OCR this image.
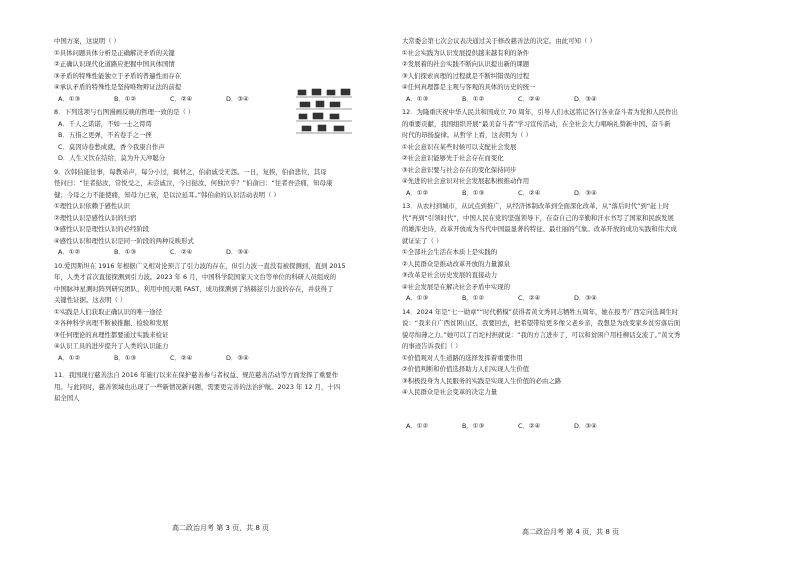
中国方案，这说明（ ）
①具体问题具体分析是正确解决矛盾的关键
②正确认识现代化道路应把握中国具体国情
③矛盾的特殊性能独立于矛盾的普遍性而存在
④承认矛盾的特殊性是坚持唯物辩证法的前提
A．①③	B．①②	C．②④	D．③④
8．下列选项与右图漫画反映的哲理一致的是（ ）
A．千人之诺诺，不如一士之谔谔
B．五指之更弹，不若卷手之一挃
C．莫因诗卷愁成就，香今我康自作声
D．人生又饮在结给，莫为升天冲聪分
9．次韩伯能往事，每教弟声，每分小过，辄材之，伯俞戚受无怨。一日，复挨，伯俞悲位，其母
怪问曰：“往者挞汝，常悦受之，未尝戚泣，今日挞汝，何独泣乎？”伯俞曰：“往者吾尝痛，知母康
健；今母之力不能使痛，知母力已衰，是以泣延耳。”韩伯俞的认识活动表明（ ）
①理性认识依赖于感性认识
②理性认识是感性认识的归宿
③感性认识是理性认识的必经阶段
④感性认识和理性认识是同一阶段的两种反映形式
A．①②	B．①③	C．②④	D．③④
10.爱因斯坦在 1916 年根据广义相对论预言了引力波的存在，但引力波一直没有被探测到，直到 2015
年，人类才首次直接探测到引力波。2023 年 6 月，中国科学院国家天文台等单位的科研人员组成的
中国脉冲星测时阵列研究团队，利用中国天眼 FAST，成功探测到了纳赫兹引力波的存在，并获得了
关键性证据。这表明（ ）
①实践是人们获取正确认识的唯一途径
②各种科学真理不断被推翻、检验和发展
③任何理论的真理性都要通过实践来检证
④认识工具的进步提升了人类的认识能力
A．①②	B．①③	C．②④	D．③④
11．我国现行慈善法自 2016 年施行以来在保护慈善参与者权益、规范慈善活动等方面发挥了重要作
用。与此同时，慈善领域也出现了一些新情况新问题，需要更完善的法治护航。2023 年 12 月，十四
届全国人
大常委会第七次会议表决通过关于修改慈善法的决定。由此可知（ ）
①社会实践为认识发展提供越来越有利的条件
②发展着的社会实践不断向认识提出新的课题
③人们探索真理的过程就是不断纠错误的过程
④任何真理都是主观与客观的具体的历史的统一
A．①③	B．①②	C．②④	D．③④
12．为隆重庆祝中华人民共和国成立 70 周年，引导人们永远铭记各行各业奋斗者为党和人民作出
的重要贡献，我国组织开展“最美奋斗者”学习宣传活动，在全社会大力唱响礼赞新中国、奋斗新
时代的昂扬旋律。从哲学上看，这表明为（ ）
①社会意识在某些时候可以支配社会发展
②社会意识能够先于社会存在而变化
③社会意识要与社会存在的变化保持同步
④先进的社会意识对社会发展起积极推动作用
A．①②	B．①③	C．②④	D．③④
13．从农村到城市，从试点到推广，从经济体制改革到全面深化改革，从“落后时代”到“赶上时
代”再到“引领时代”，中国人民在党的坚强领导下，在奋自己的辛勤和汗水书写了国家和民族发展
的雄浑史诗，改革开放成为当代中国最显著的特征、最壮丽的气象。改革开放的成功实践和伟大成
就证证了（ ）
①全部社会生活在本质上是实践的
②人民群众是推动改革开放的力量源泉
③改革是社会历史发展的直接动力
④社会发展是在解决社会矛盾中实现的
A．①③	B．①②	C．②④	D．③④
14．2024 年是“七一勋章”“时代楷模”获得者黄文秀同志牺牲五周年，她在报考广西定向选调生时
说：“我来自广西贫困山区，我要回去，把希望带给更多像父老乡亲，我想是为改变家乡贫穷落后面
貌尽绵薄之力。”她可以了百坨村担就说：“我的方言进步了，可以和贫困户用桂柳话交流了。”黄文秀
的事迹告诉我们（ ）
①价值观对人生道路的选择发挥着重要作用
②价值判断和价值选择助力人们实现人生价值
③积极投身为人民服务的实践是实现人生价值的必由之路
④人民群众是社会变革的决定力量
A．①②	B．①③	C．②④	D．③④
高二政治月考 第 3 页，共 8 页	高二政治月考 第 4 页，共 8 页
